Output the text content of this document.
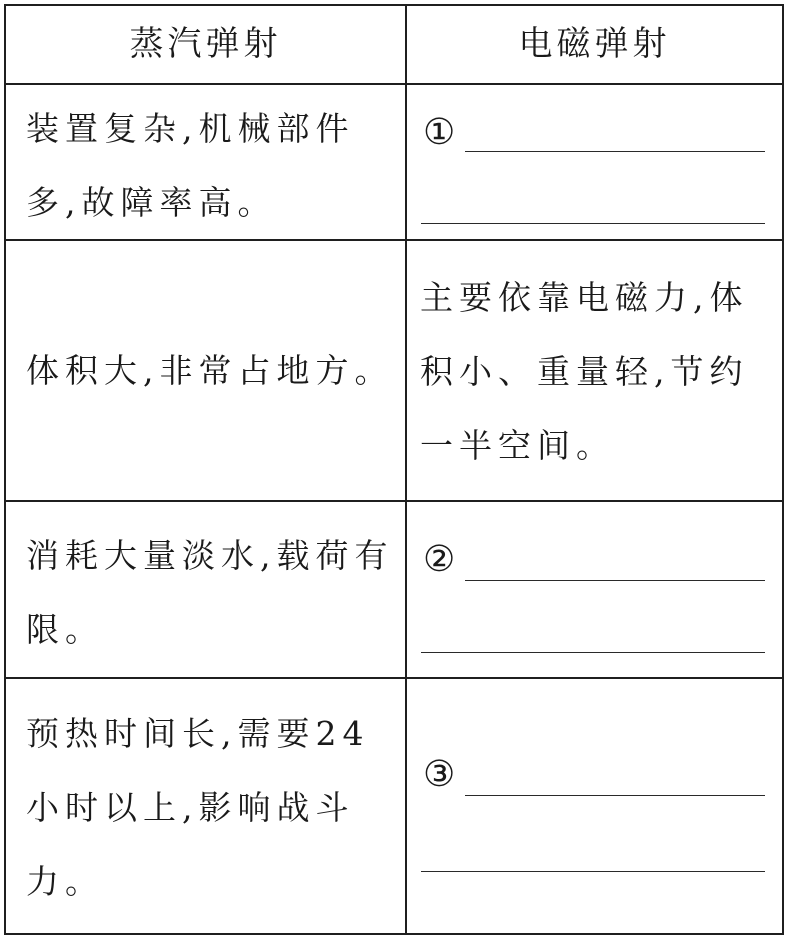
蒸汽弹射	电磁弹射
装置复杂,机械部件多,故障率高。
①
体积大,非常占地方。
主要依靠电磁力,体积小、重量轻,节约一半空间。
消耗大量淡水,载荷有限。
②
预热时间长,需要24小时以上,影响战斗力。
③
